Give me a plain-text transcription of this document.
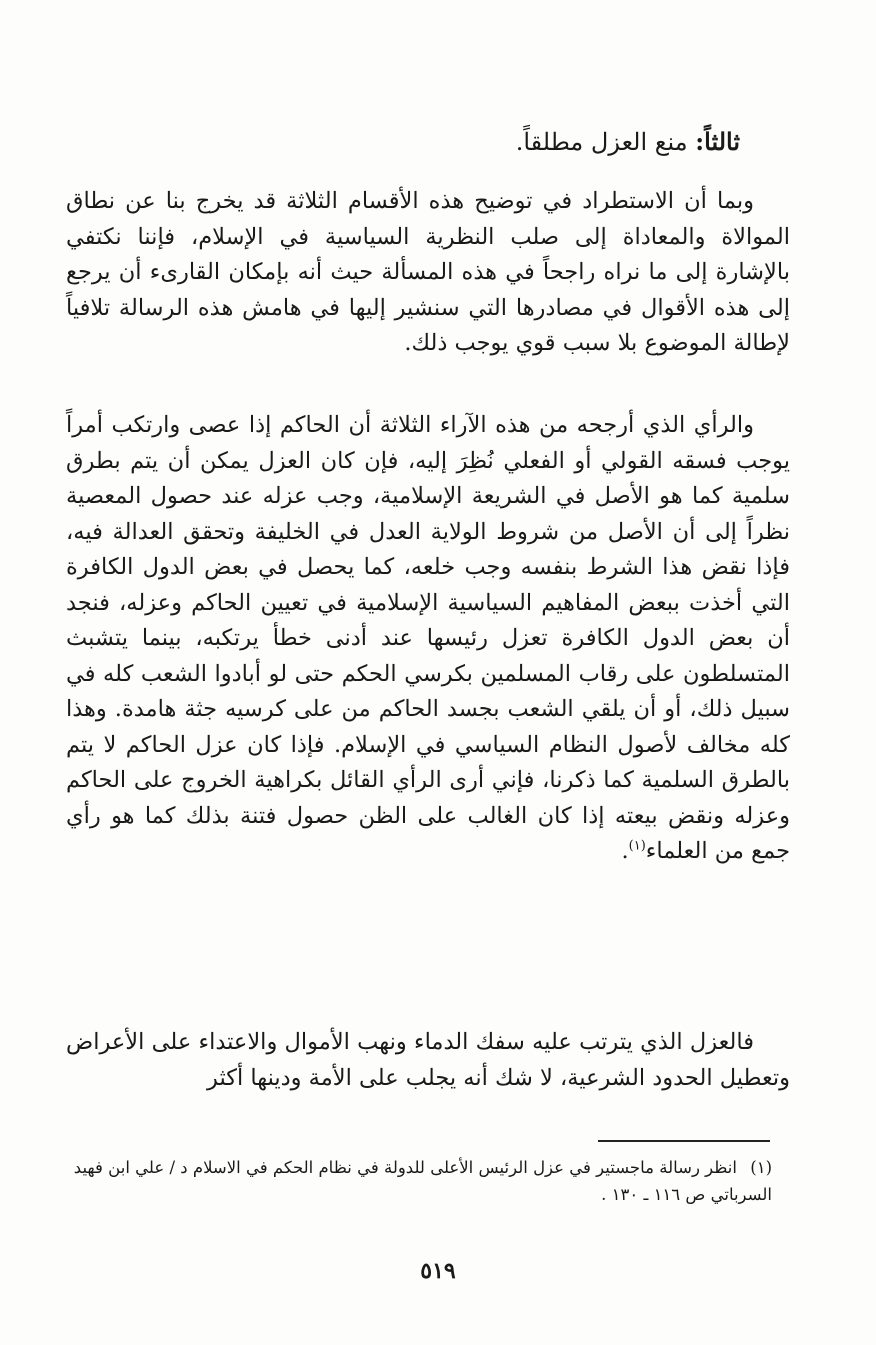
ثالثاً: منع العزل مطلقاً.

وبما أن الاستطراد في توضيح هذه الأقسام الثلاثة قد يخرج بنا عن نطاق الموالاة والمعاداة إلى صلب النظرية السياسية في الإسلام، فإننا نكتفي بالإشارة إلى ما نراه راجحاً في هذه المسألة حيث أنه بإمكان القارىء أن يرجع إلى هذه الأقوال في مصادرها التي سنشير إليها في هامش هذه الرسالة تلافياً لإطالة الموضوع بلا سبب قوي يوجب ذلك.

والرأي الذي أرجحه من هذه الآراء الثلاثة أن الحاكم إذا عصى وارتكب أمراً يوجب فسقه القولي أو الفعلي نُظِرَ إليه، فإن كان العزل يمكن أن يتم بطرق سلمية كما هو الأصل في الشريعة الإسلامية، وجب عزله عند حصول المعصية نظراً إلى أن الأصل من شروط الولاية العدل في الخليفة وتحقق العدالة فيه، فإذا نقض هذا الشرط بنفسه وجب خلعه، كما يحصل في بعض الدول الكافرة التي أخذت ببعض المفاهيم السياسية الإسلامية في تعيين الحاكم وعزله، فنجد أن بعض الدول الكافرة تعزل رئيسها عند أدنى خطأ يرتكبه، بينما يتشبث المتسلطون على رقاب المسلمين بكرسي الحكم حتى لو أبادوا الشعب كله في سبيل ذلك، أو أن يلقي الشعب بجسد الحاكم من على كرسيه جثة هامدة. وهذا كله مخالف لأصول النظام السياسي في الإسلام. فإذا كان عزل الحاكم لا يتم بالطرق السلمية كما ذكرنا، فإني أرى الرأي القائل بكراهية الخروج على الحاكم وعزله ونقض بيعته إذا كان الغالب على الظن حصول فتنة بذلك كما هو رأي جمع من العلماء$^{(١)}$.

فالعزل الذي يترتب عليه سفك الدماء ونهب الأموال والاعتداء على الأعراض وتعطيل الحدود الشرعية، لا شك أنه يجلب على الأمة ودينها أكثر

(١) انظر رسالة ماجستير في عزل الرئيس الأعلى للدولة في نظام الحكم في الاسلام د / علي ابن فهيد السرباتي ص ١١٦ ـ ١٣٠ .
٥١٩
